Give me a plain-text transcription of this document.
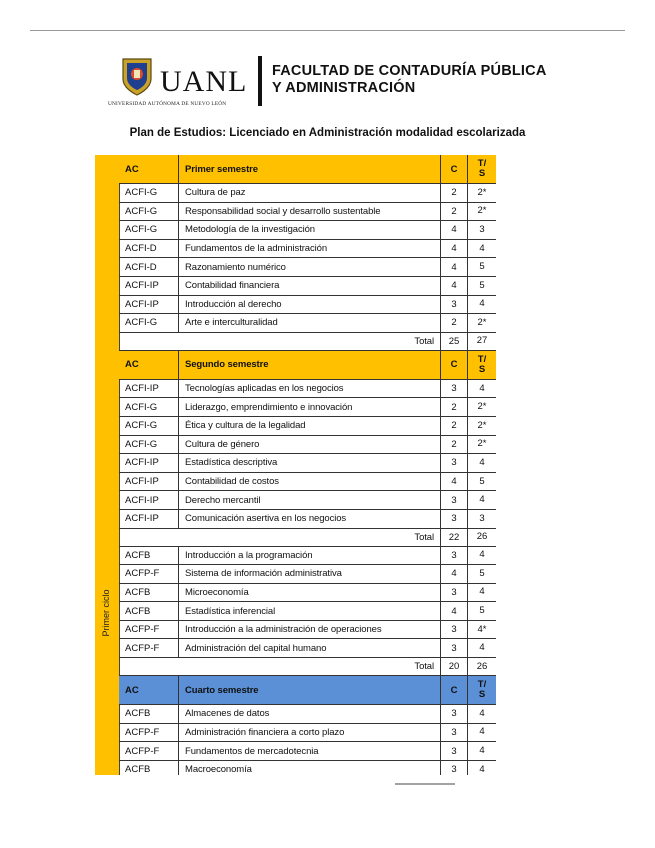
UANL
UNIVERSIDAD AUTÓNOMA DE NUEVO LEÓN
FACULTAD DE CONTADURÍA PÚBLICA
Y ADMINISTRACIÓN
Plan de Estudios: Licenciado en Administración modalidad escolarizada
Primer ciclo
AC	Primer semestre	C	T/
S
ACFI-G	Cultura de paz	2	2*
ACFI-G	Responsabilidad social y desarrollo sustentable	2	2*
ACFI-G	Metodología de la investigación	4	3
ACFI-D	Fundamentos de la administración	4	4
ACFI-D	Razonamiento numérico	4	5
ACFI-IP	Contabilidad financiera	4	5
ACFI-IP	Introducción al derecho	3	4
ACFI-G	Arte e interculturalidad	2	2*
Total	25	27
AC	Segundo semestre	C	T/
S
ACFI-IP	Tecnologías aplicadas en los negocios	3	4
ACFI-G	Liderazgo, emprendimiento e innovación	2	2*
ACFI-G	Ética y cultura de la legalidad	2	2*
ACFI-G	Cultura de género	2	2*
ACFI-IP	Estadística descriptiva	3	4
ACFI-IP	Contabilidad de costos	4	5
ACFI-IP	Derecho mercantil	3	4
ACFI-IP	Comunicación asertiva en los negocios	3	3
Total	22	26
ACFB	Introducción a la programación	3	4
ACFP-F	Sistema de información administrativa	4	5
ACFB	Microeconomía	3	4
ACFB	Estadística inferencial	4	5
ACFP-F	Introducción a la administración de operaciones	3	4*
ACFP-F	Administración del capital humano	3	4
Total	20	26
AC	Cuarto semestre	C	T/
S
ACFB	Almacenes de datos	3	4
ACFP-F	Administración financiera a corto plazo	3	4
ACFP-F	Fundamentos de mercadotecnia	3	4
ACFB	Macroeconomía	3	4
